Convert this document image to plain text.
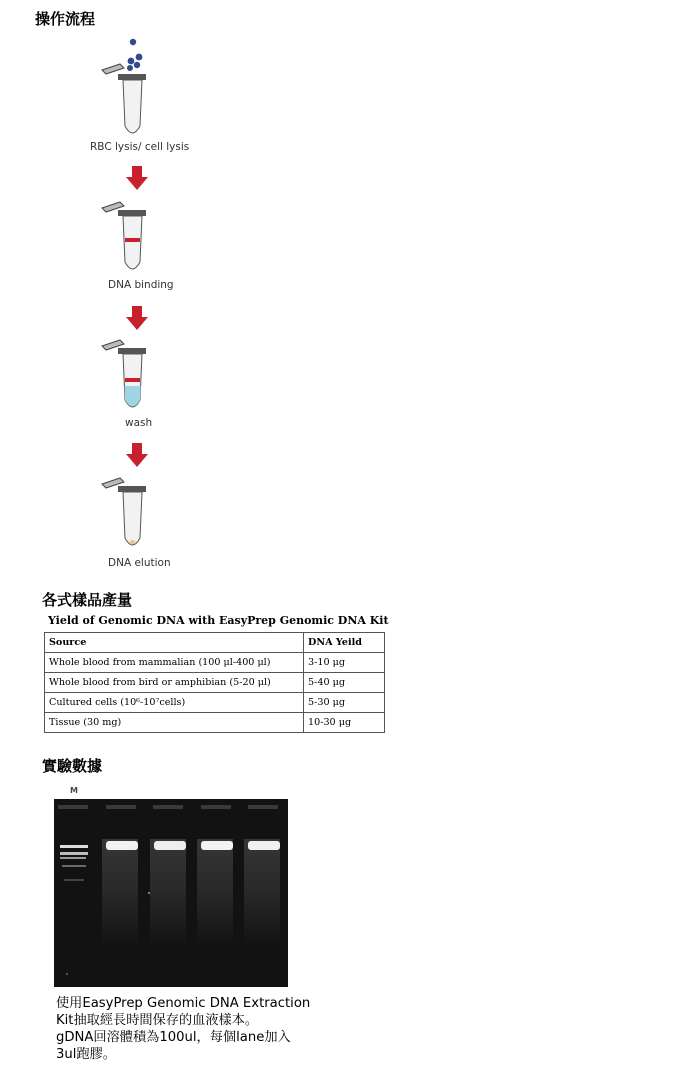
操作流程
RBC lysis/ cell lysis
DNA binding
wash
DNA elution
各式樣品產量
Yield of Genomic DNA with EasyPrep Genomic DNA Kit
Source	DNA Yeild
Whole blood from mammalian (100 μl-400 μl)	3-10 μg
Whole blood from bird or amphibian (5-20 μl)	5-40 μg
Cultured cells (10⁶-10⁷cells)	5-30 μg
Tissue (30 mg)	10-30 μg
實驗數據
M
使用EasyPrep Genomic DNA Extraction
Kit抽取經長時間保存的血液樣本。
gDNA回溶體積為100ul，每個lane加入
3ul跑膠。
